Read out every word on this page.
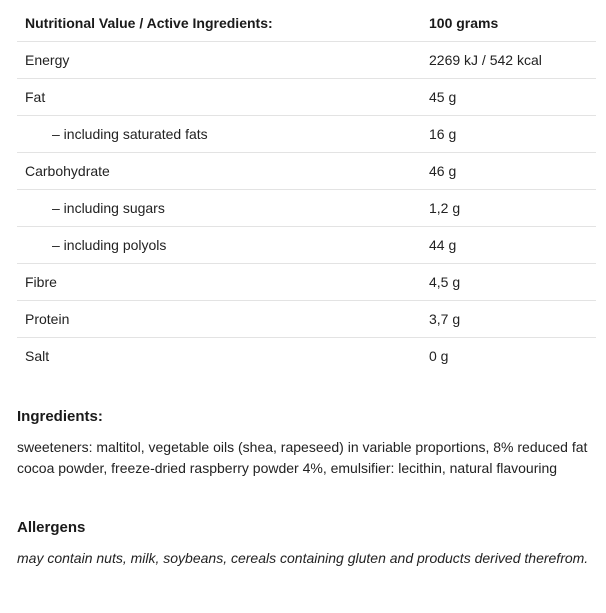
Nutritional Value / Active Ingredients:	100 grams
Energy	2269 kJ / 542 kcal
Fat	45 g
– including saturated fats	16 g
Carbohydrate	46 g
– including sugars	1,2 g
– including polyols	44 g
Fibre	4,5 g
Protein	3,7 g
Salt	0 g
Ingredients:

sweeteners: maltitol, vegetable oils (shea, rapeseed) in variable proportions, 8% reduced fat cocoa powder, freeze-dried raspberry powder 4%, emulsifier: lecithin, natural flavouring

Allergens

may contain nuts, milk, soybeans, cereals containing gluten and products derived therefrom.
